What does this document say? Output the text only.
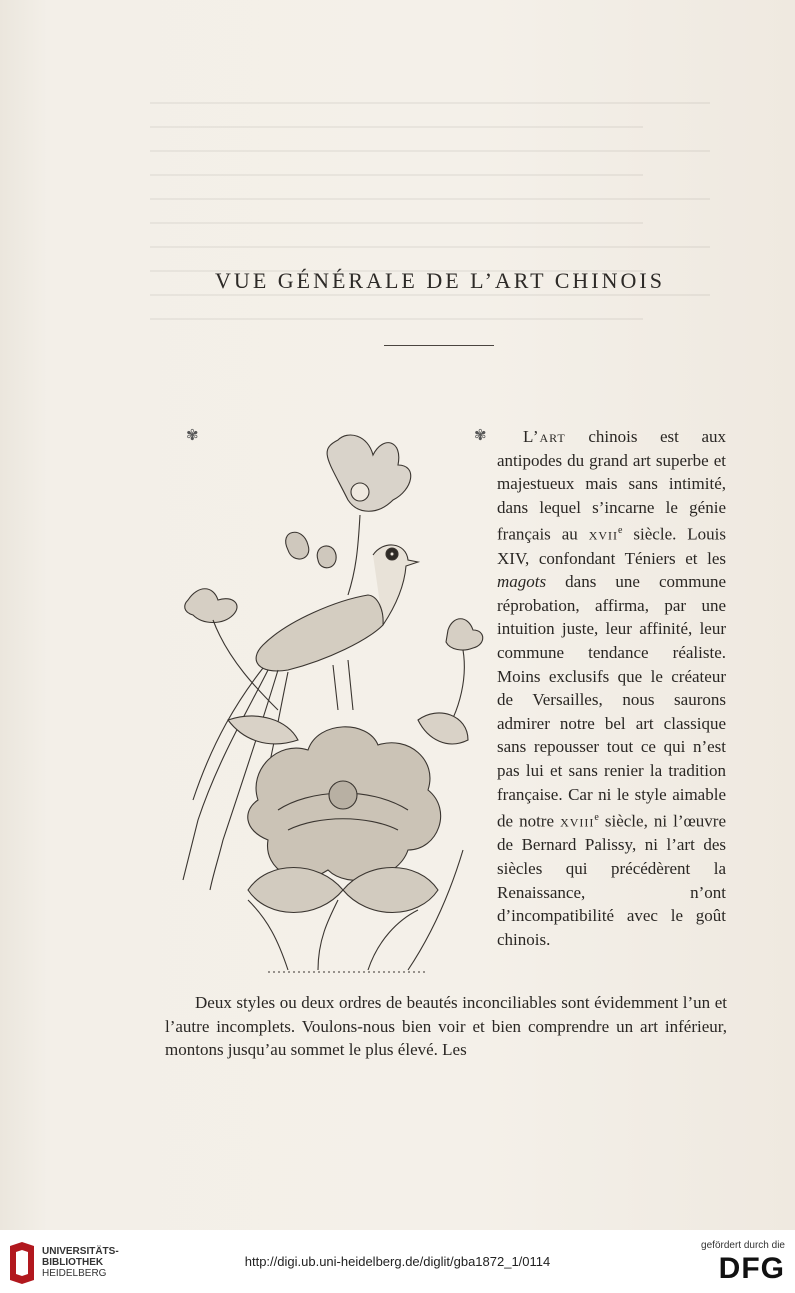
VUE GÉNÉRALE DE L’ART CHINOIS
✾	✾	L’art chinois est aux antipodes du grand art superbe et majestueux mais sans intimité, dans lequel s’incarne le génie français au xvii$^e$ siècle. Louis XIV, confondant Téniers et les magots dans une commune réprobation, affirma, par une intuition juste, leur affinité, leur commune tendance réaliste. Moins exclusifs que le créateur de Versailles, nous saurons admirer notre bel art classique sans repousser tout ce qui n’est pas lui et sans renier la tradition française. Car ni le style aimable de notre xviii$^e$ siècle, ni l’œuvre de Bernard Palissy, ni l’art des siècles qui précédèrent la Renaissance, n’ont d’incompatibilité avec le goût chinois.

Deux styles ou deux ordres de beautés inconciliables sont évidemment l’un et l’autre incomplets. Voulons-nous bien voir et bien comprendre un art inférieur, montons jusqu’au sommet le plus élevé. Les

UNIVERSITÄTS-
BIBLIOTHEK
HEIDELBERG
http://digi.ub.uni-heidelberg.de/diglit/gba1872_1/0114
gefördert durch die
DFG
